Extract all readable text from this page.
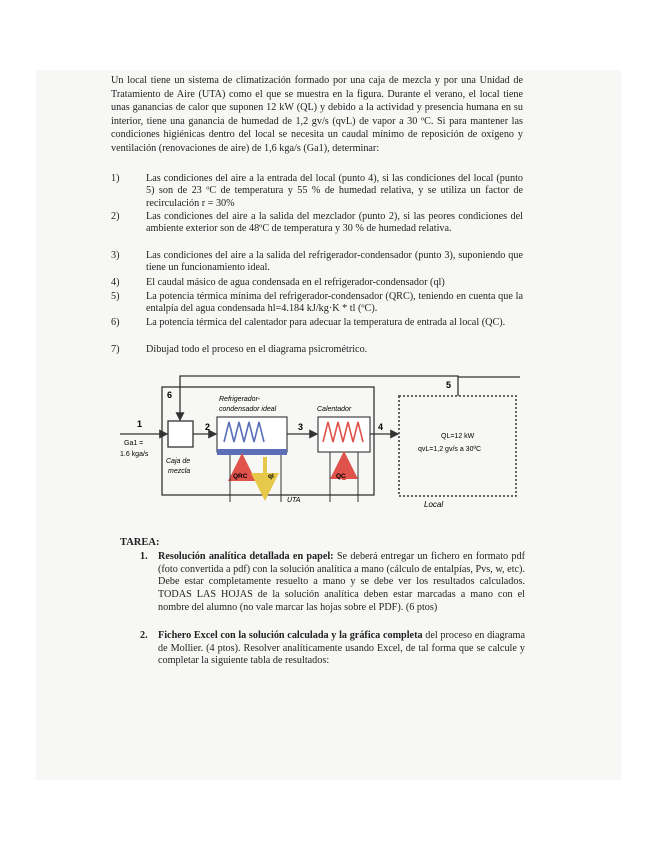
Un local tiene un sistema de climatización formado por una caja de mezcla y por una Unidad de Tratamiento de Aire (UTA) como el que se muestra en la figura. Durante el verano, el local tiene unas ganancias de calor que suponen 12 kW (QL) y debido a la actividad y presencia humana en su interior, tiene una ganancia de humedad de 1,2 gv/s (qvL) de vapor a 30 ºC. Si para mantener las condiciones higiénicas dentro del local se necesita un caudal mínimo de reposición de oxígeno y ventilación (renovaciones de aire) de 1,6 kga/s (Ga1), determinar:

1)	Las condiciones del aire a la entrada del local (punto 4), si las condiciones del local (punto 5) son de 23 ºC de temperatura y 55 % de humedad relativa, y se utiliza un factor de recirculación r = 30%
2)	Las condiciones del aire a la salida del mezclador (punto 2), si las peores condiciones del ambiente exterior son de 48ºC de temperatura y 30 % de humedad relativa.
3)	Las condiciones del aire a la salida del refrigerador-condensador (punto 3), suponiendo que tiene un funcionamiento ideal.
4)	El caudal másico de agua condensada en el refrigerador-condensador (ql)
5)	La potencia térmica mínima del refrigerador-condensador (QRC), teniendo en cuenta que la entalpía del agua condensada hl=4.184 kJ/kg·K * tl (ºC).
6)	La potencia térmica del calentador para adecuar la temperatura de entrada al local (QC).
7)	Dibujad todo el proceso en el diagrama psicrométrico.
1	2	3	4
5
6
Ga1 =
1.6 kga/s
Caja de
mezcla
Refrigerador-
condensador ideal	Calentador
QRC	ql	QC
UTA
QL=12 kW
qvL=1,2 gv/s a 30ºC
Local
TAREA:
1. Resolución analítica detallada en papel: Se deberá entregar un fichero en formato pdf (foto convertida a pdf) con la solución analítica a mano (cálculo de entalpías, Pvs, w, etc). Debe estar completamente resuelto a mano y se debe ver los resultados calculados. TODAS LAS HOJAS de la solución analítica deben estar marcadas a mano con el nombre del alumno (no vale marcar las hojas sobre el PDF). (6 ptos)
2. Fichero Excel con la solución calculada y la gráfica completa del proceso en diagrama de Mollier. (4 ptos). Resolver analíticamente usando Excel, de tal forma que se calcule y completar la siguiente tabla de resultados:
